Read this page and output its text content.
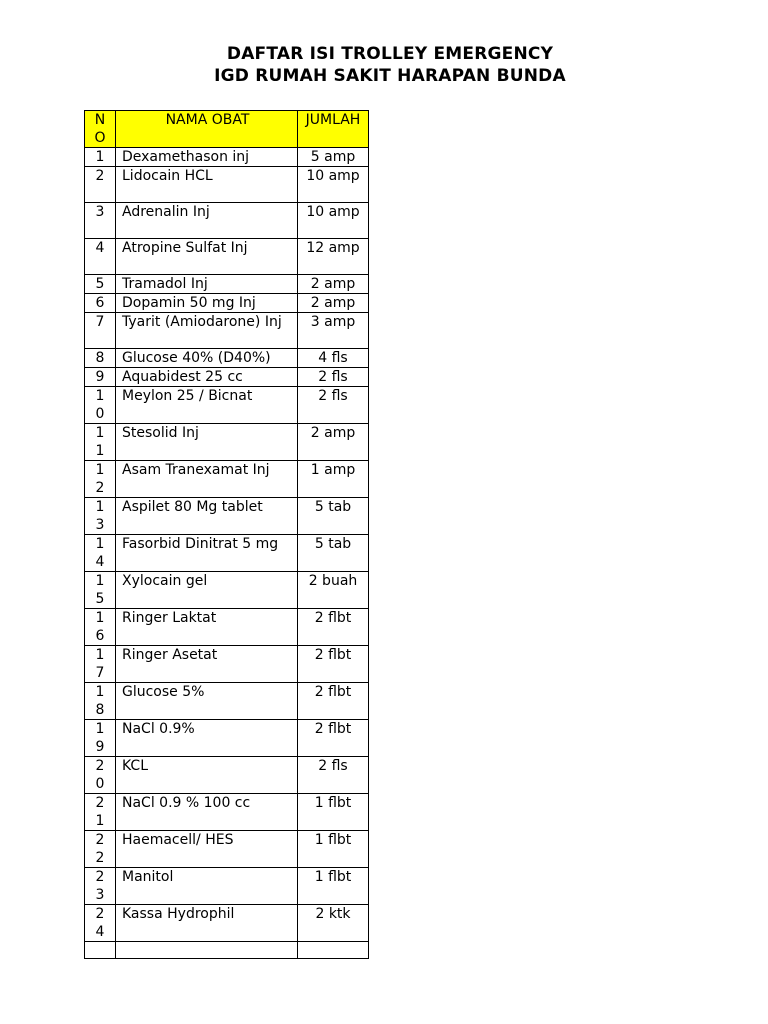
DAFTAR ISI TROLLEY EMERGENCY
IGD RUMAH SAKIT HARAPAN BUNDA
NO	NAMA OBAT	JUMLAH
1	Dexamethason inj	5 amp
2	Lidocain HCL	10 amp
3	Adrenalin Inj	10 amp
4	Atropine Sulfat Inj	12 amp
5	Tramadol Inj	2 amp
6	Dopamin 50 mg Inj	2 amp
7	Tyarit (Amiodarone) Inj	3 amp
8	Glucose 40% (D40%)	4 fls
9	Aquabidest 25 cc	2 fls
10	Meylon 25 / Bicnat	2 fls
11	Stesolid Inj	2 amp
12	Asam Tranexamat Inj	1 amp
13	Aspilet 80 Mg tablet	5 tab
14	Fasorbid Dinitrat 5 mg	5 tab
15	Xylocain gel	2 buah
16	Ringer Laktat	2 flbt
17	Ringer Asetat	2 flbt
18	Glucose 5%	2 flbt
19	NaCl 0.9%	2 flbt
20	KCL	2 fls
21	NaCl 0.9 % 100 cc	1 flbt
22	Haemacell/ HES	1 flbt
23	Manitol	1 flbt
24	Kassa Hydrophil	2 ktk
